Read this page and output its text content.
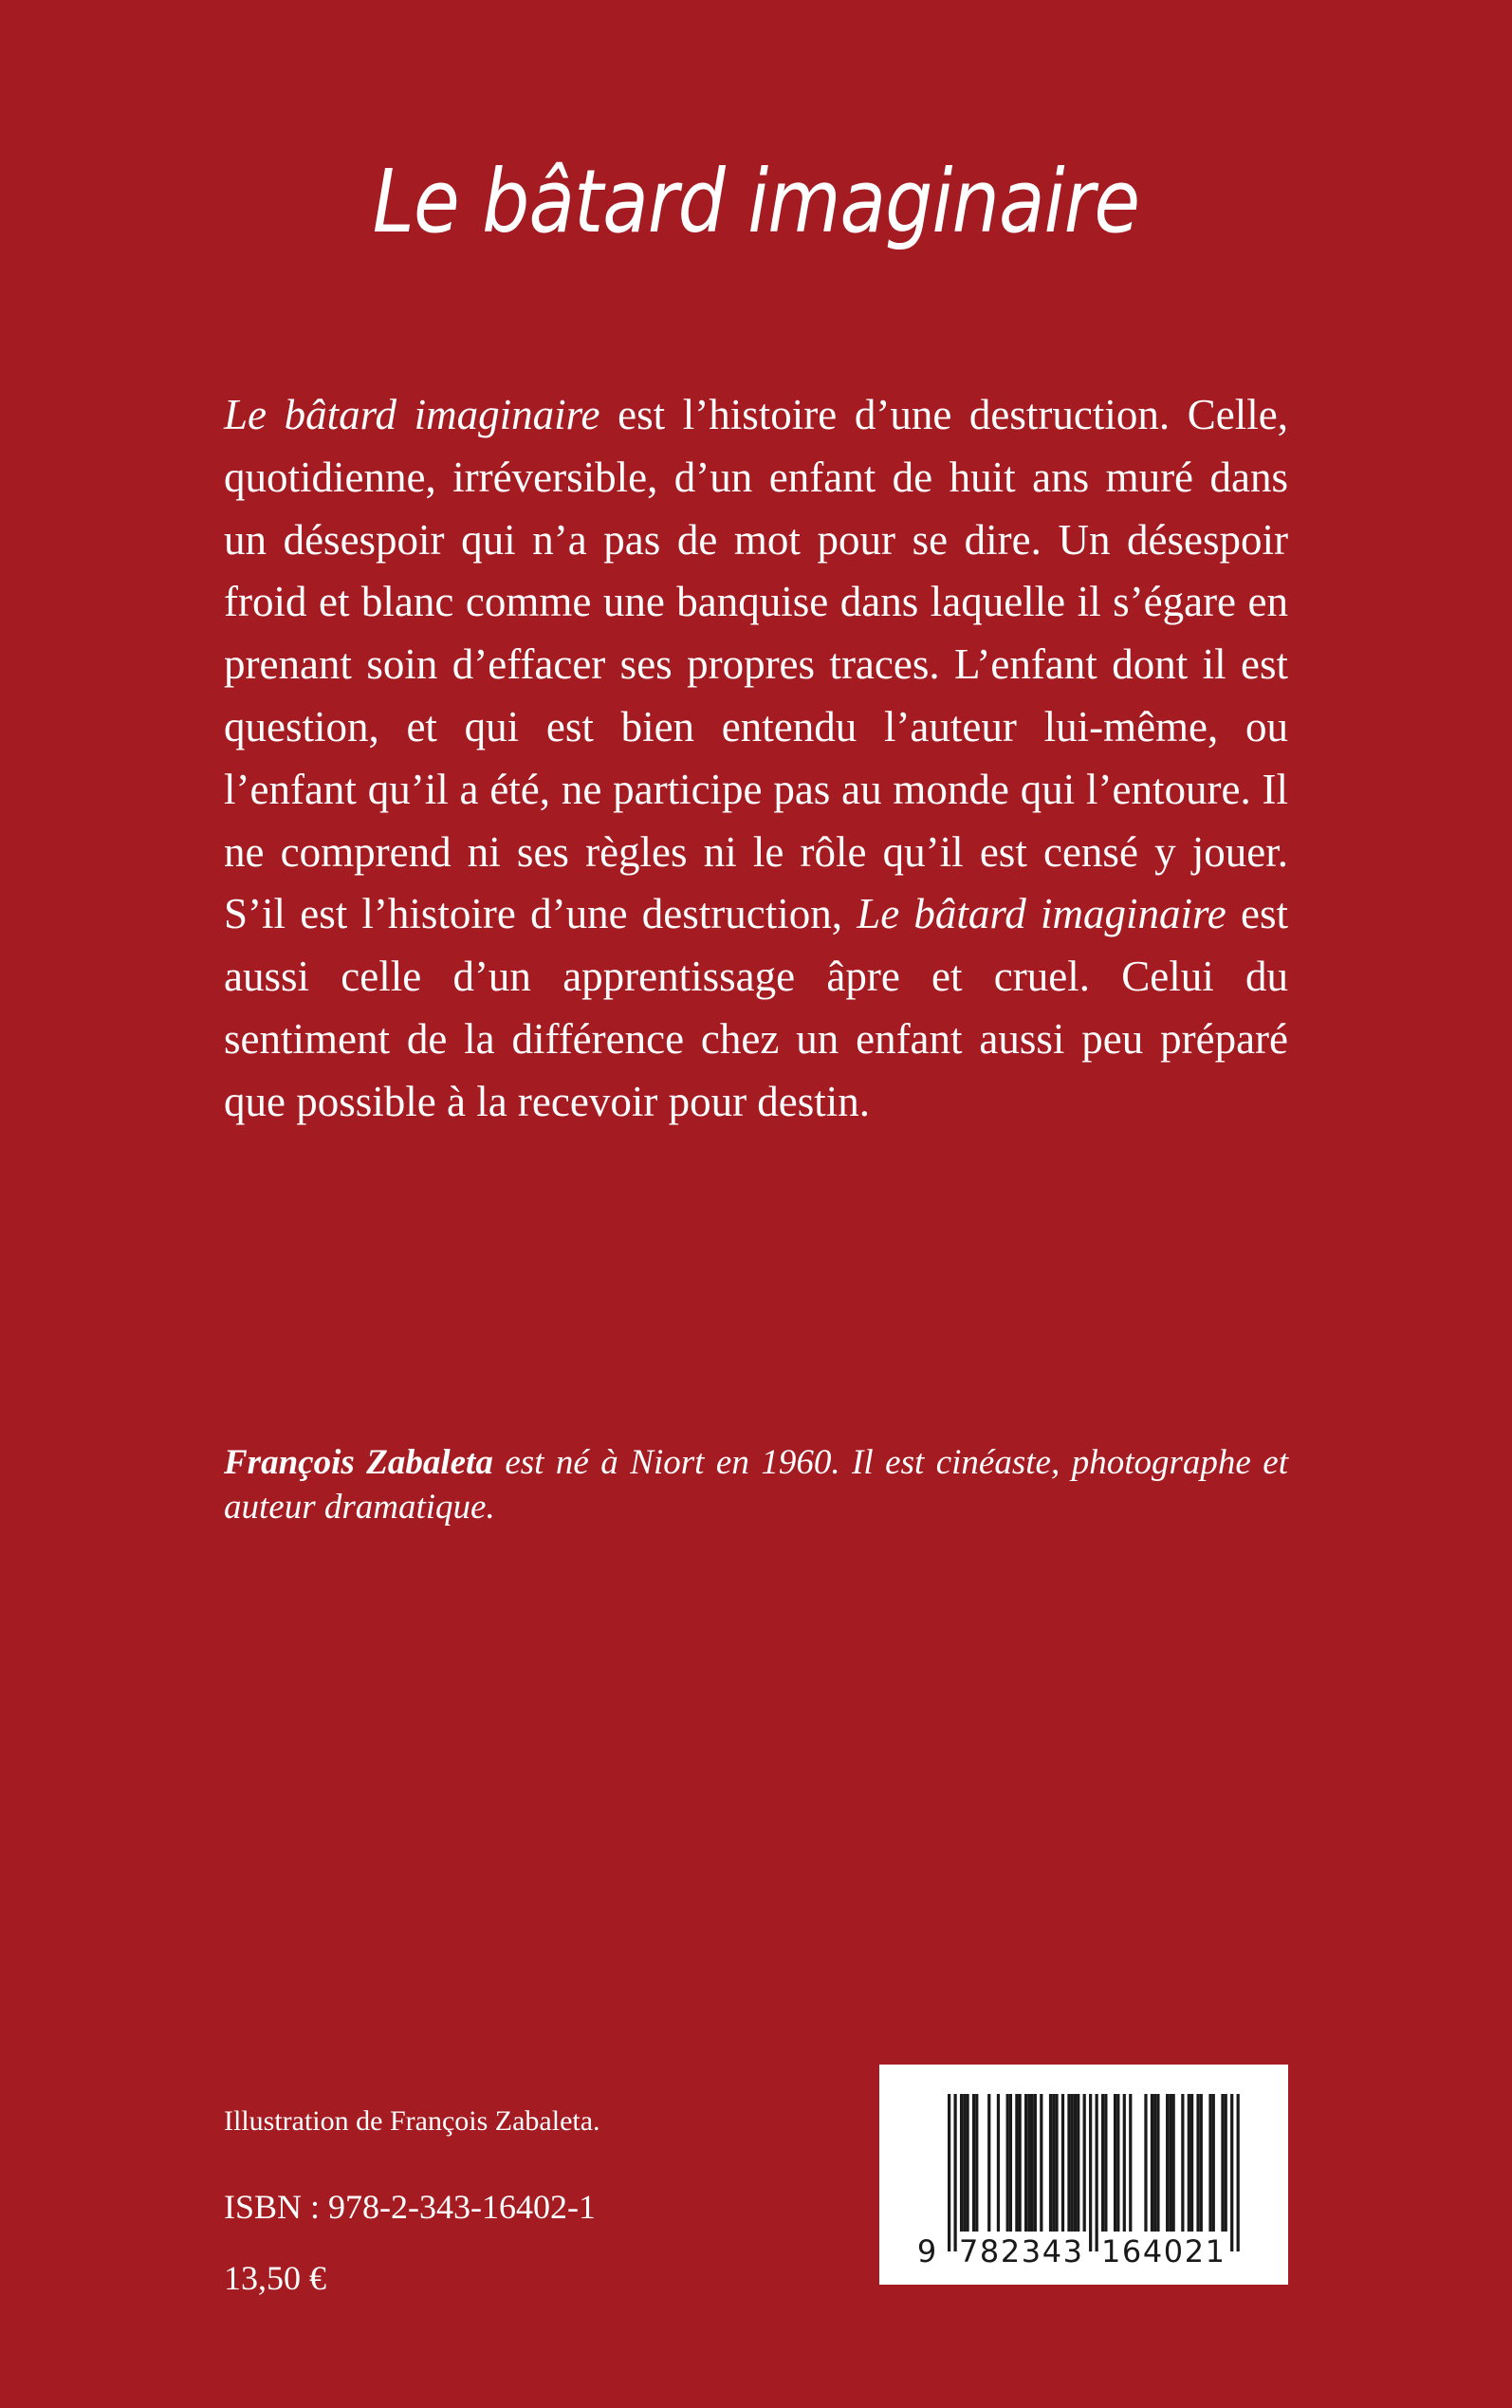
Le bâtard imaginaire

Le bâtard imaginaire est l’histoire d’une destruction. Celle, quotidienne, irréversible, d’un enfant de huit ans muré dans un désespoir qui n’a pas de mot pour se dire. Un désespoir froid et blanc comme une banquise dans laquelle il s’égare en prenant soin d’effacer ses propres traces. L’enfant dont il est question, et qui est bien entendu l’auteur lui-même, ou l’enfant qu’il a été, ne participe pas au monde qui l’entoure. Il ne comprend ni ses règles ni le rôle qu’il est censé y jouer. S’il est l’histoire d’une destruction, Le bâtard imaginaire est aussi celle d’un apprentissage âpre et cruel. Celui du sentiment de la différence chez un enfant aussi peu préparé que possible à la recevoir pour destin.

François Zabaleta est né à Niort en 1960. Il est cinéaste, photographe et auteur dramatique.

Illustration de François Zabaleta.

ISBN : 978-2-343-16402-1

13,50 €

9 782343 164021
